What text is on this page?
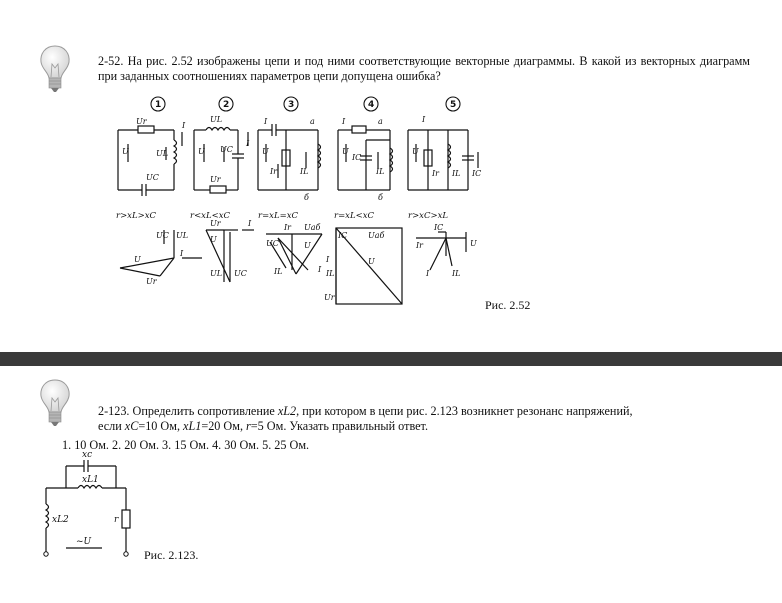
2-52. На рис. 2.52 изображены цепи и под ними соответствующие векторные диаграммы. В какой из векторных диаграмм при заданных соотношениях параметров цепи допущена ошибка?
1	2	3	4	5
Ur	I
U	UL
UC
UL
I
U UC
Ur
I	a
U
Ir	IL
б
I	a
U
IC
IL
б
I
U
Ir IL IC
r>xL>xC	r<xL<xC	r=xL=xC	r=xL<xC	r>xC>xL
UC UL
U
I
Ur
Ur	I
U
UL UC
Ir Uаб
UC	U
IL	I
IC	Uаб
U
I
IL
Ur
IC
Ir	U
I	IL
Рис. 2.52
2-123. Определить сопротивление xL2, при котором в цепи рис. 2.123 возникнет резонанс напряжений,
если xC=10 Ом, xL1=20 Ом, r=5 Ом. Указать правильный ответ.
1. 10 Ом. 2. 20 Ом. 3. 15 Ом. 4. 30 Ом. 5. 25 Ом.
Рис. 2.123.
xc
xL1
xL2	r
~U
